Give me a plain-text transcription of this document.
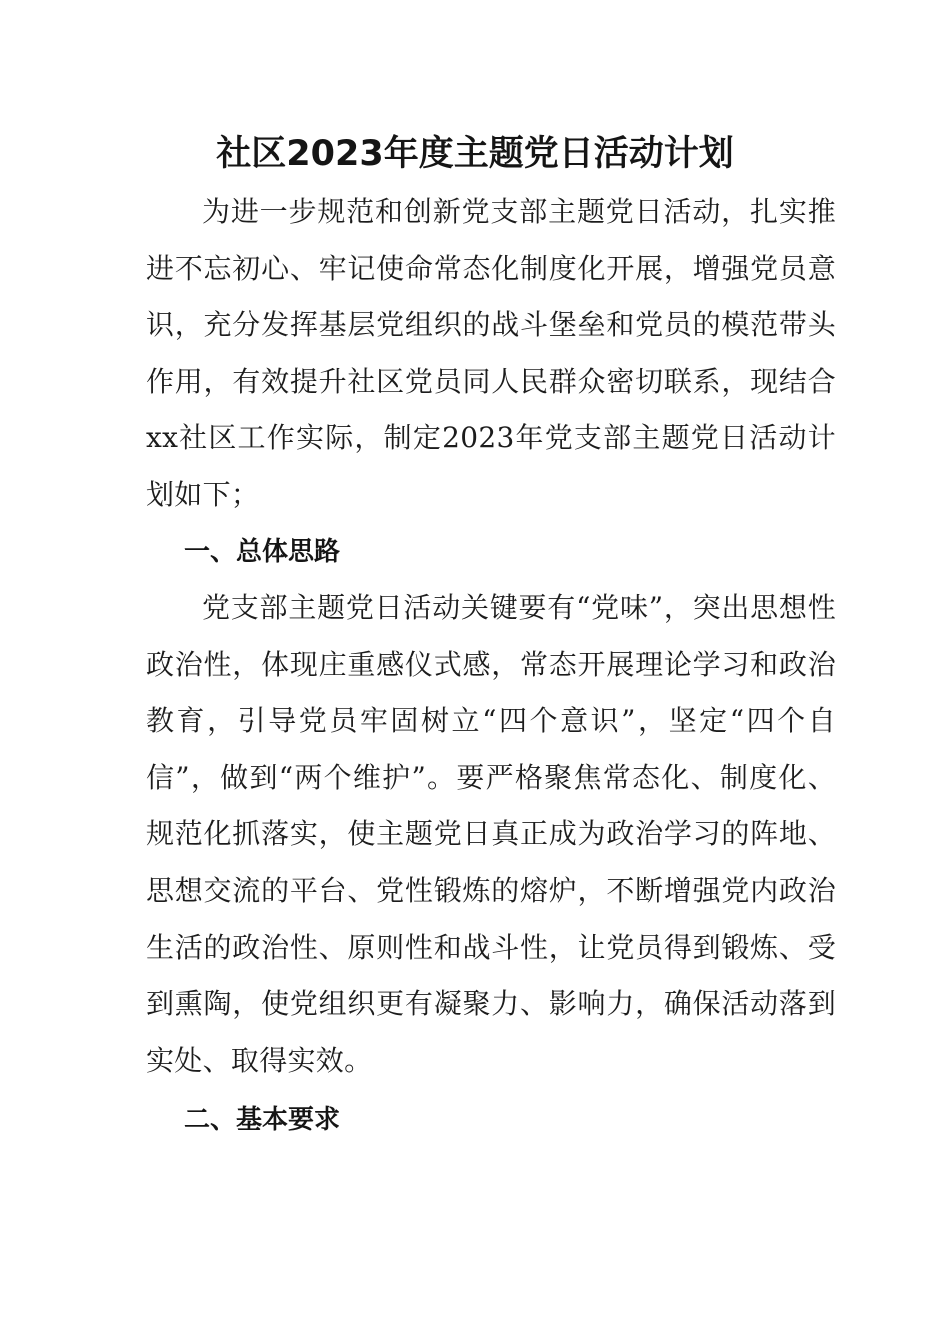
社区2023年度主题党日活动计划

为进一步规范和创新党支部主题党日活动，扎实推进不忘初心、牢记使命常态化制度化开展，增强党员意识，充分发挥基层党组织的战斗堡垒和党员的模范带头作用，有效提升社区党员同人民群众密切联系，现结合xx社区工作实际，制定2023年党支部主题党日活动计划如下；

一、总体思路

党支部主题党日活动关键要有“党味”，突出思想性政治性，体现庄重感仪式感，常态开展理论学习和政治教育，引导党员牢固树立“四个意识”，坚定“四个自信”，做到“两个维护”。要严格聚焦常态化、制度化、规范化抓落实，使主题党日真正成为政治学习的阵地、思想交流的平台、党性锻炼的熔炉，不断增强党内政治生活的政治性、原则性和战斗性，让党员得到锻炼、受到熏陶，使党组织更有凝聚力、影响力，确保活动落到实处、取得实效。

二、基本要求
